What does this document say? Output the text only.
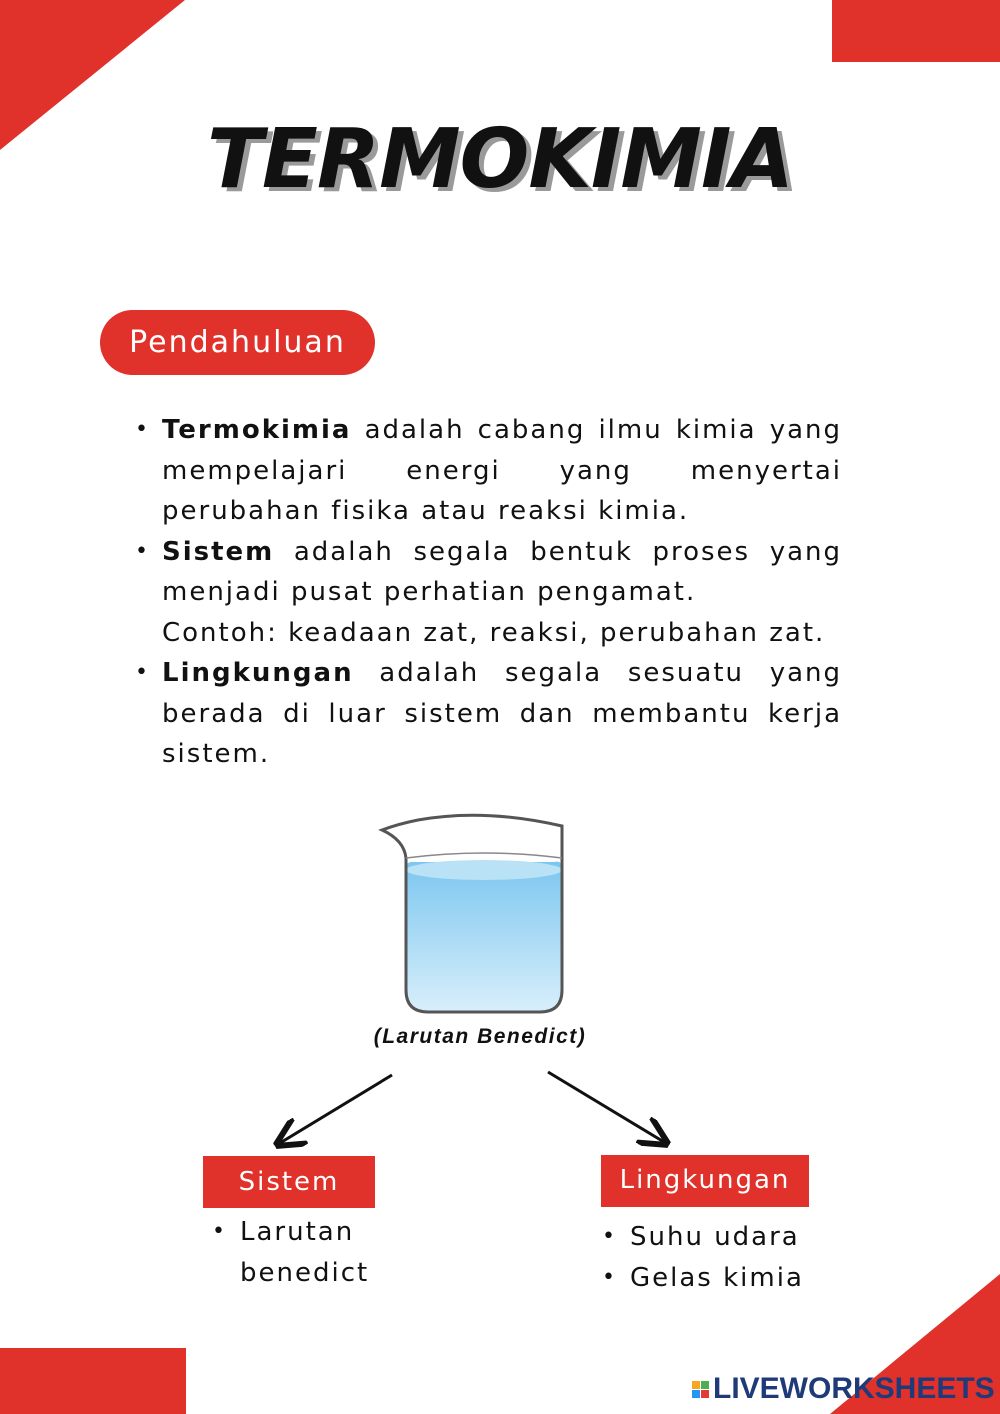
TERMOKIMIA
Pendahuluan
• Termokimia adalah cabang ilmu kimia yang mempelajari energi yang menyertai perubahan fisika atau reaksi kimia.
• Sistem adalah segala bentuk proses yang menjadi pusat perhatian pengamat.
Contoh: keadaan zat, reaksi, perubahan zat.
• Lingkungan adalah segala sesuatu yang berada di luar sistem dan membantu kerja sistem.
(Larutan Benedict)
Sistem	Lingkungan
• Larutan benedict
• Suhu udara
• Gelas kimia
LIVEWORKSHEETS
